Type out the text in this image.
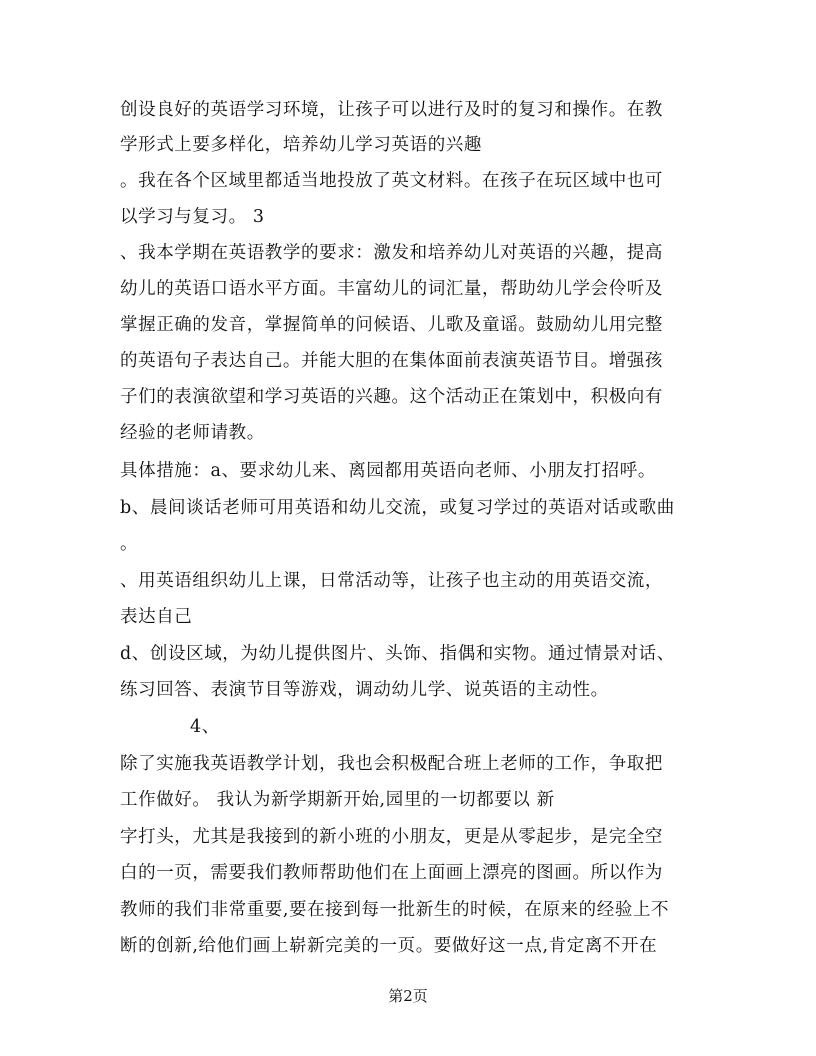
创设良好的英语学习环境，让孩子可以进行及时的复习和操作。在教
学形式上要多样化，培养幼儿学习英语的兴趣
。我在各个区域里都适当地投放了英文材料。在孩子在玩区域中也可
以学习与复习。 3
、我本学期在英语教学的要求：激发和培养幼儿对英语的兴趣，提高
幼儿的英语口语水平方面。丰富幼儿的词汇量，帮助幼儿学会伶听及
掌握正确的发音，掌握简单的问候语、儿歌及童谣。鼓励幼儿用完整
的英语句子表达自己。并能大胆的在集体面前表演英语节目。增强孩
子们的表演欲望和学习英语的兴趣。这个活动正在策划中，积极向有
经验的老师请教。
具体措施：a、要求幼儿来、离园都用英语向老师、小朋友打招呼。
b、晨间谈话老师可用英语和幼儿交流，或复习学过的英语对话或歌曲
。
、用英语组织幼儿上课，日常活动等，让孩子也主动的用英语交流，
表达自己
d、创设区域，为幼儿提供图片、头饰、指偶和实物。通过情景对话、
练习回答、表演节目等游戏，调动幼儿学、说英语的主动性。
4、
除了实施我英语教学计划，我也会积极配合班上老师的工作，争取把
工作做好。 我认为新学期新开始,园里的一切都要以 新
字打头，尤其是我接到的新小班的小朋友，更是从零起步，是完全空
白的一页，需要我们教师帮助他们在上面画上漂亮的图画。所以作为
教师的我们非常重要,要在接到每一批新生的时候，在原来的经验上不
断的创新,给他们画上崭新完美的一页。要做好这一点,肯定离不开在
第2页
